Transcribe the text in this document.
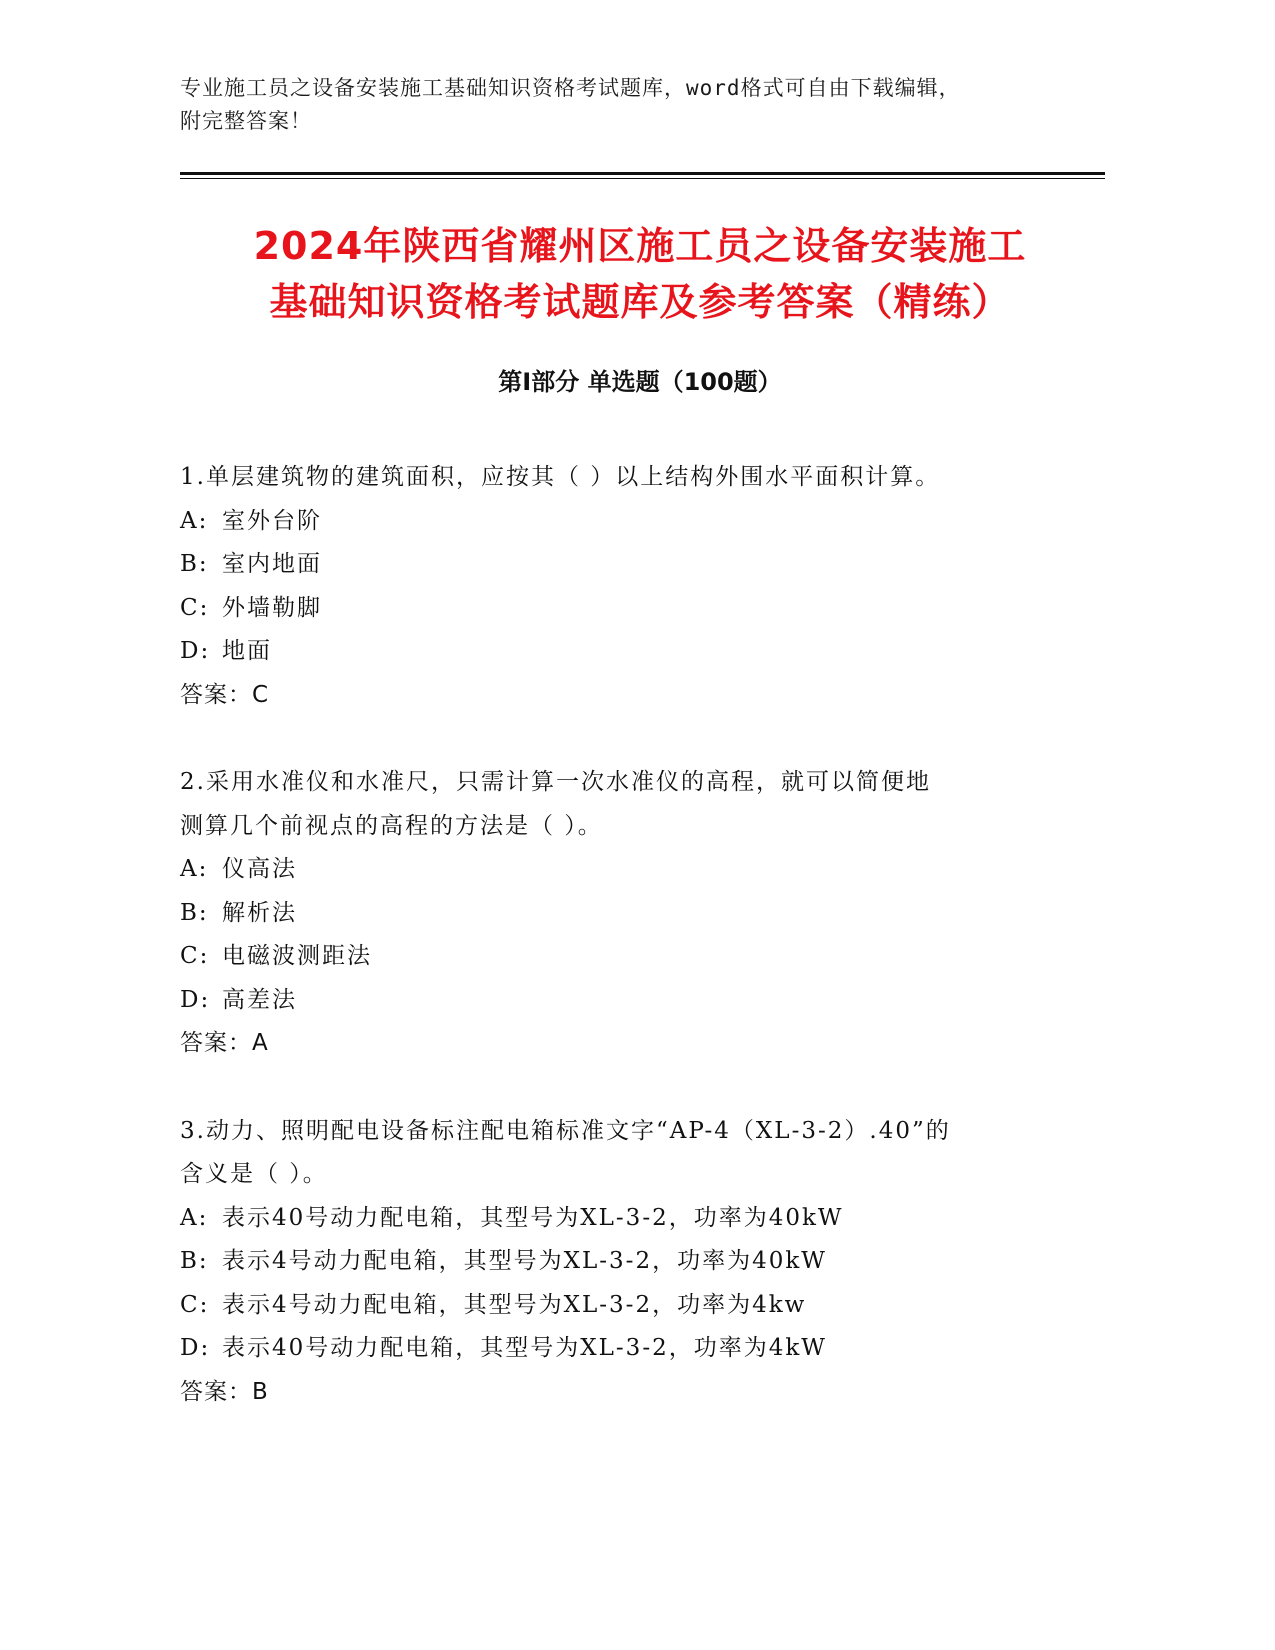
专业施工员之设备安装施工基础知识资格考试题库，word格式可自由下载编辑，
附完整答案！
2024年陕西省耀州区施工员之设备安装施工
基础知识资格考试题库及参考答案（精练）
第Ⅰ部分 单选题（100题）
1.单层建筑物的建筑面积，应按其（ ）以上结构外围水平面积计算。
A: 室外台阶
B: 室内地面
C: 外墙勒脚
D: 地面
答案：C
2.采用水准仪和水准尺，只需计算一次水准仪的高程，就可以简便地
测算几个前视点的高程的方法是（ ）。
A: 仪高法
B: 解析法
C: 电磁波测距法
D: 高差法
答案：A
3.动力、照明配电设备标注配电箱标准文字“AP-4（XL-3-2）.40”的
含义是（ ）。
A: 表示40号动力配电箱，其型号为XL-3-2，功率为40kW
B: 表示4号动力配电箱，其型号为XL-3-2，功率为40kW
C: 表示4号动力配电箱，其型号为XL-3-2，功率为4kw
D: 表示40号动力配电箱，其型号为XL-3-2，功率为4kW
答案：B
